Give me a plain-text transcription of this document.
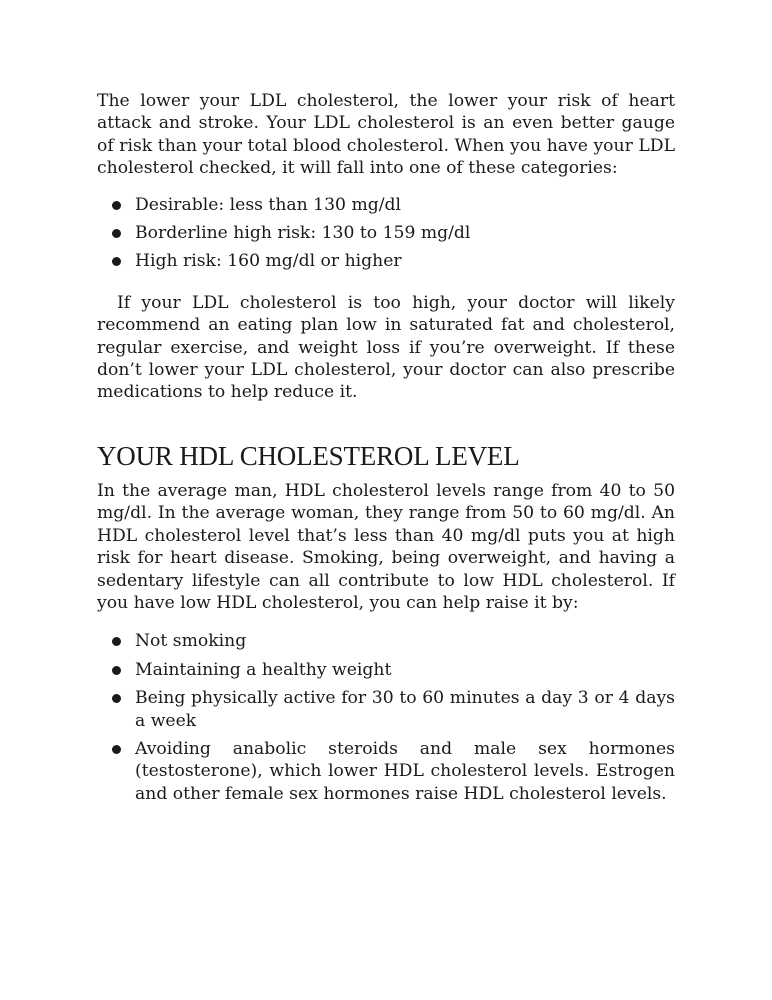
The lower your LDL cholesterol, the lower your risk of heart attack and stroke. Your LDL cholesterol is an even better gauge of risk than your total blood cholesterol. When you have your LDL cholesterol checked, it will fall into one of these categories:

Desirable: less than 130 mg/dl
Borderline high risk: 130 to 159 mg/dl
High risk: 160 mg/dl or higher

If your LDL cholesterol is too high, your doctor will likely recommend an eating plan low in saturated fat and cholesterol, regular exercise, and weight loss if you’re overweight. If these don’t lower your LDL cholesterol, your doctor can also prescribe medications to help reduce it.

YOUR HDL CHOLESTEROL LEVEL

In the average man, HDL cholesterol levels range from 40 to 50 mg/dl. In the average woman, they range from 50 to 60 mg/dl. An HDL cholesterol level that’s less than 40 mg/dl puts you at high risk for heart disease. Smoking, being overweight, and having a sedentary lifestyle can all contribute to low HDL cholesterol. If you have low HDL cholesterol, you can help raise it by:

Not smoking
Maintaining a healthy weight
Being physically active for 30 to 60 minutes a day 3 or 4 days a week
Avoiding anabolic steroids and male sex hormones (testosterone), which lower HDL cholesterol levels. Estrogen and other female sex hormones raise HDL cholesterol levels.
